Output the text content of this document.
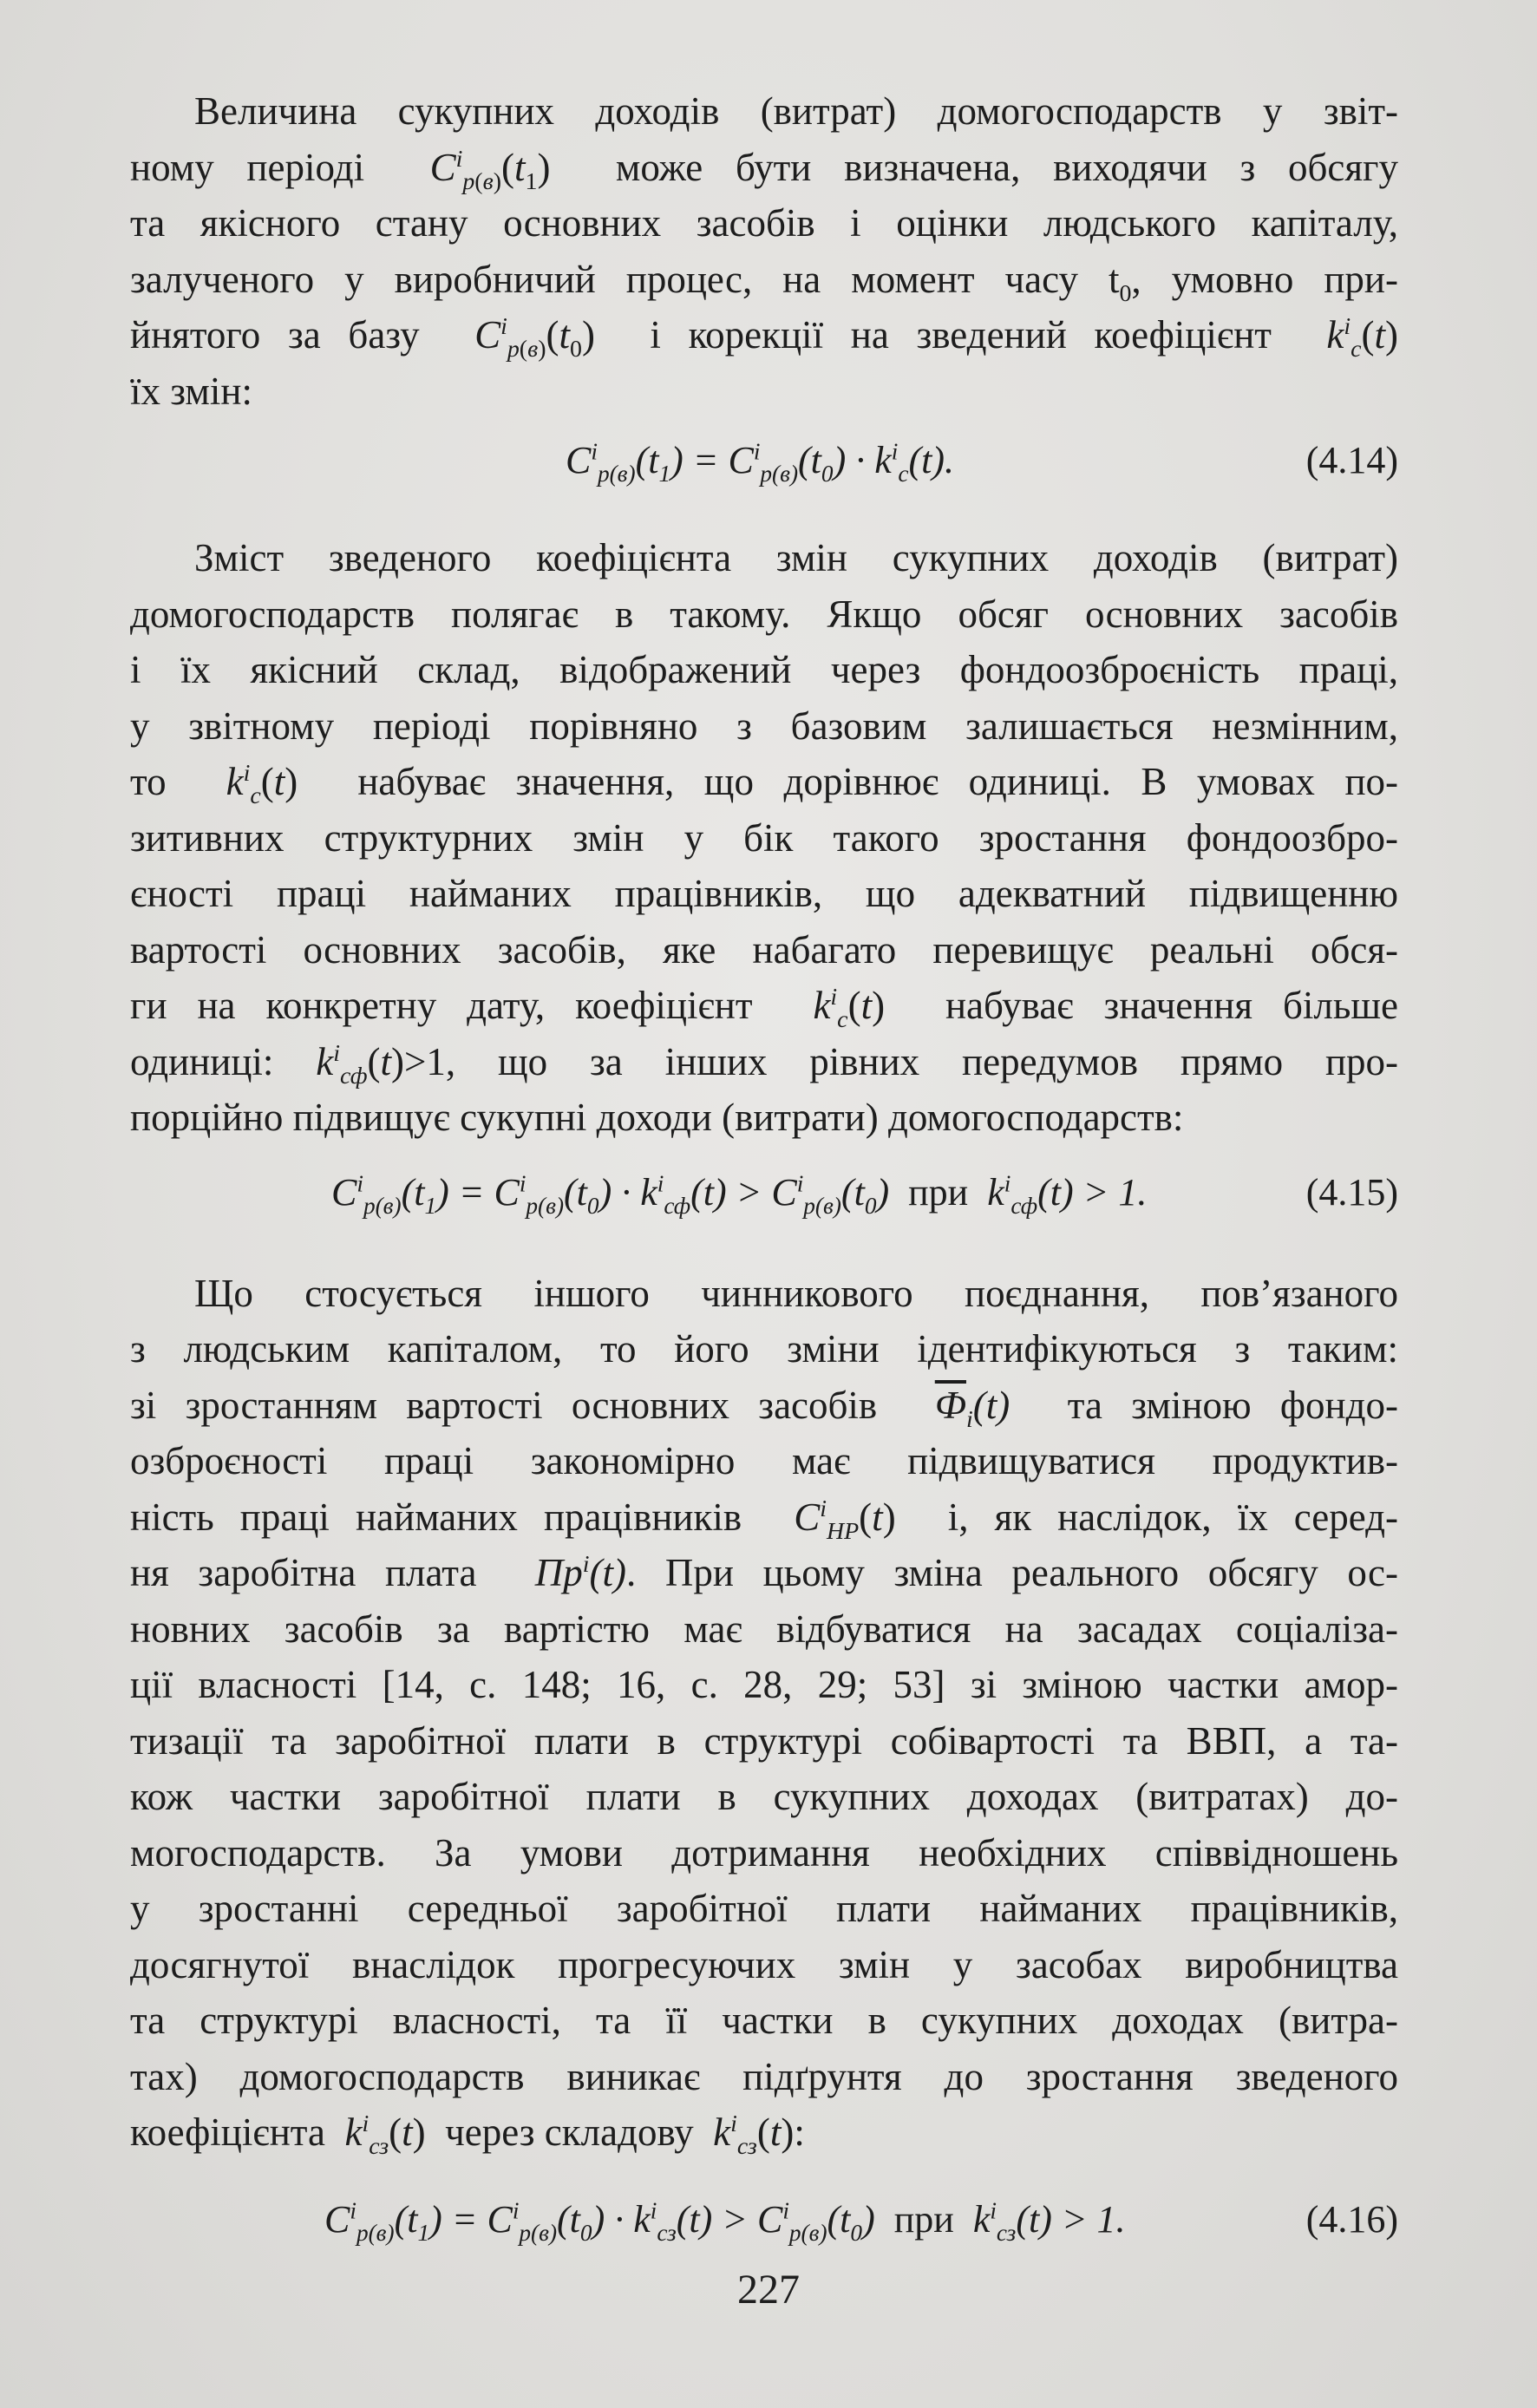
Величина сукупних доходів (витрат) домогосподарств у звіт-
ному періоді $C^i_{p(в)}(t_1)$  може бути визначена, виходячи з обсягу
та якісного стану основних засобів і оцінки людського капіталу,
залученого у виробничий процес, на момент часу $t_0$, умовно при-
йнятого за базу $C^i_{p(в)}(t_0)$  і корекції на зведений коефіцієнт $k^i_c(t)$
їх змін:
$C^i_{p(в)}(t_1) = C^i_{p(в)}(t_0) \cdot k^i_c(t)$.	(4.14)
Зміст зведеного коефіцієнта змін сукупних доходів (витрат)
домогосподарств полягає в такому. Якщо обсяг основних засобів
і їх якісний склад, відображений через фондоозброєність праці,
у звітному періоді порівняно з базовим залишається незмінним,
то $k^i_c(t)$  набуває значення, що дорівнює одиниці. В умовах по-
зитивних структурних змін у бік такого зростання фондоозбро-
єності праці найманих працівників, що адекватний підвищенню
вартості основних засобів, яке набагато перевищує реальні обся-
ги на конкретну дату, коефіцієнт $k^i_c(t)$  набуває значення більше
одиниці: $k^i_{сф}(t)>1$, що за інших рівних передумов прямо про-
порційно підвищує сукупні доходи (витрати) домогосподарств:
$C^i_{p(в)}(t_1) = C^i_{p(в)}(t_0) \cdot k^i_{сф}(t) > C^i_{p(в)}(t_0)$  при  $k^i_{сф}(t) > 1$.	(4.15)
Що стосується іншого чинникового поєднання, пов’язаного
з людським капіталом, то його зміни ідентифікуються з таким:
зі зростанням вартості основних засобів $Ф_i(t)$ та зміною фондо-
озброєності праці закономірно має підвищуватися продуктив-
ність праці найманих працівників $C^i_{HP}(t)$  і, як наслідок, їх серед-
ня заробітна плата $Пр^i(t)$. При цьому зміна реального обсягу ос-
новних засобів за вартістю має відбуватися на засадах соціаліза-
ції власності [14, с. 148; 16, с. 28, 29; 53] зі зміною частки амор-
тизації та заробітної плати в структурі собівартості та ВВП, а та-
кож частки заробітної плати в сукупних доходах (витратах) до-
могосподарств. За умови дотримання необхідних співвідношень
у зростанні середньої заробітної плати найманих працівників,
досягнутої внаслідок прогресуючих змін у засобах виробництва
та структурі власності, та її частки в сукупних доходах (витра-
тах) домогосподарств виникає підґрунтя до зростання зведеного
коефіцієнта $k^i_{сз}(t)$  через складову $k^i_{сз}(t)$:
$C^i_{p(в)}(t_1) = C^i_{p(в)}(t_0) \cdot k^i_{сз}(t) > C^i_{p(в)}(t_0)$  при  $k^i_{сз}(t) > 1$.	(4.16)
227
